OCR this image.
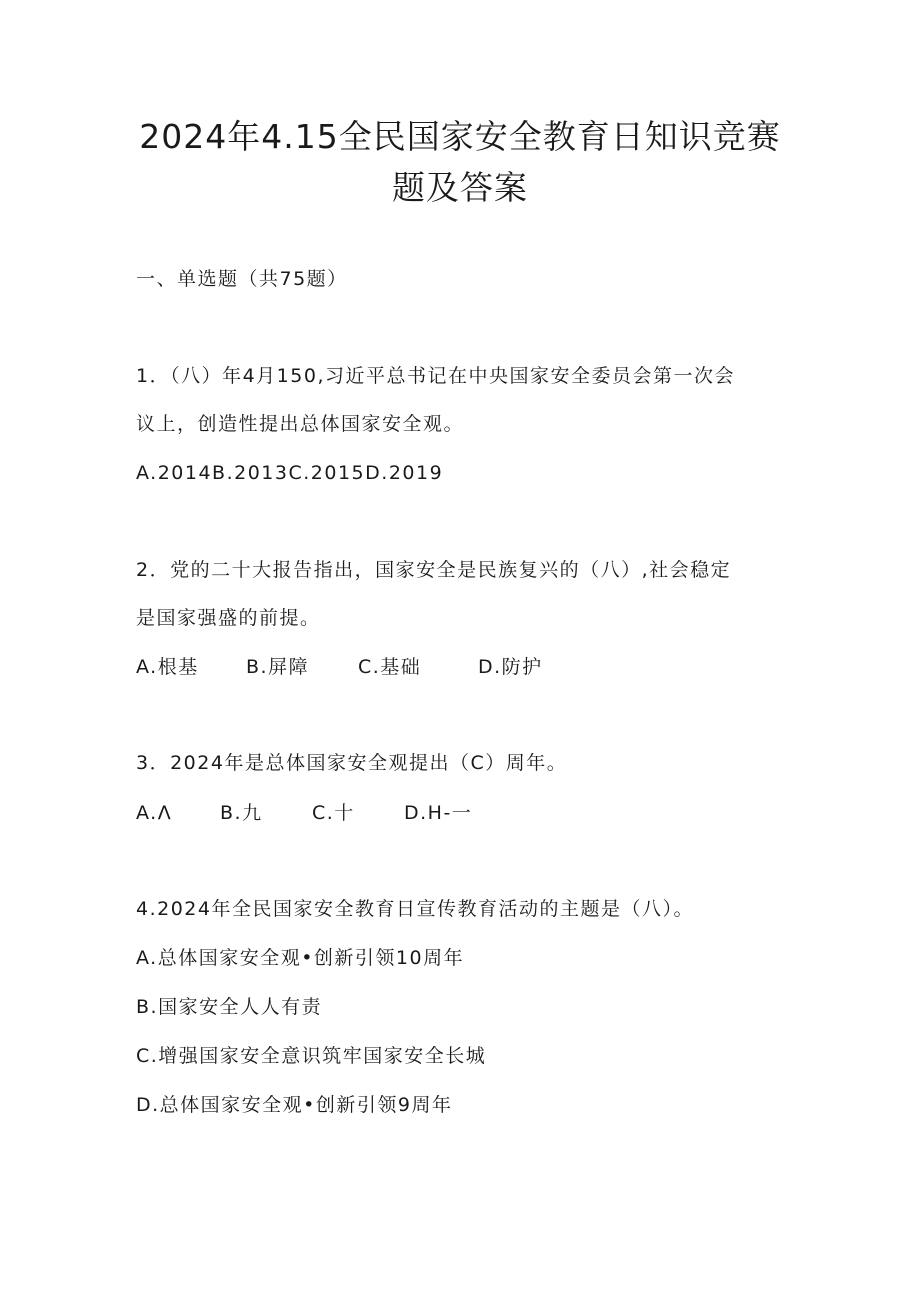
2024年4.15全民国家安全教育日知识竞赛
题及答案
一、单选题（共75题）
1．（八）年4月150,习近平总书记在中央国家安全委员会第一次会
议上，创造性提出总体国家安全观。
A.2014B.2013C.2015D.2019
2．党的二十大报告指出，国家安全是民族复兴的（八）,社会稳定
是国家强盛的前提。
A.根基 B.屏障	C.基础	D.防护
3．2024年是总体国家安全观提出（C）周年。
A.Λ	B.九	C.十	D.H-一
4.2024年全民国家安全教育日宣传教育活动的主题是（八）。
A.总体国家安全观•创新引领10周年
B.国家安全人人有责
C.增强国家安全意识筑牢国家安全长城
D.总体国家安全观•创新引领9周年
